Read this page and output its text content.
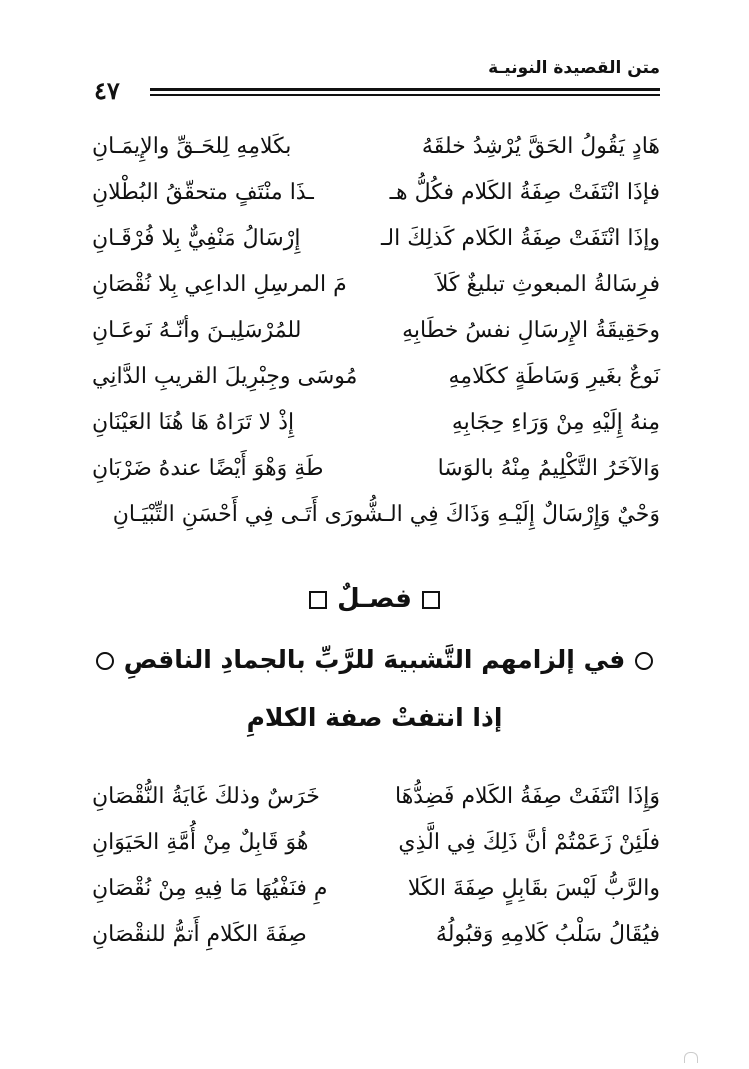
متن القصيدة النونيـة
٤٧
هَادٍ يَقُولُ الحَقَّ يُرْشِدُ خلقَهُ
بكَلامِهِ لِلحَـقِّ والإِيمَـانِ
فإذَا انْتَفَتْ صِفَةُ الكَلام فكُلُّ هـ
ـذَا منْتَفٍ متحقّقُ البُطْلانِ
وإذَا انْتَفَتْ صِفَةُ الكَلام كَذلِكَ الـ
إِرْسَالُ مَنْفِيٌّ بِلا فُرْقَـانِ
فرِسَالةُ المبعوثِ تبليغٌ كَلاَ
مَ المرسِلِ الداعِي بِلا نُقْصَانِ
وحَقِيقَةُ الإِرسَالِ نفسُ خطَابِهِ
للمُرْسَلِيـنَ وأنّـهُ نَوعَـانِ
نَوعٌ بغَيرِ وَسَاطَةٍ ككَلامِهِ
مُوسَى وجِبْرِيلَ القريبِ الدَّانِي
مِنهُ إِلَيْهِ مِنْ وَرَاءِ حِجَابِهِ
إِذْ لا تَرَاهُ هَا هُنَا العَيْنَانِ
وَالآخَرُ التَّكْلِيمُ مِنْهُ بالوَسَا
طَةِ وَهْوَ أَيْضًا عندهُ ضَرْبَانِ
وَحْيٌ وَإِرْسَالٌ إِلَيْـهِ وَذَاكَ فِي الـشُّورَى أَتَـى فِي أَحْسَنِ التِّبْيَـانِ
فصـلٌ
في إلزامهم التَّشبيهَ للرَّبِّ بالجمادِ الناقصِ
إذا انتفتْ صفة الكلامِ
وَإِذَا انْتَفَتْ صِفَةُ الكَلام فَضِدُّهَا
خَرَسٌ وذلكَ غَايَةُ النُّقْصَانِ
فلَئِنْ زَعَمْتُمْ أنَّ ذَلِكَ فِي الَّذِي
هُوَ قَابِلٌ مِنْ أُمَّةِ الحَيَوَانِ
والرَّبُّ لَيْسَ بقَابِلٍ صِفَةَ الكَلا
مِ فنَفْيُهَا مَا فِيهِ مِنْ نُقْصَانِ
فيُقَالُ سَلْبُ كَلامِهِ وَقبُولُهُ
صِفَةَ الكَلامِ أَتمُّ للنقْصَانِ
